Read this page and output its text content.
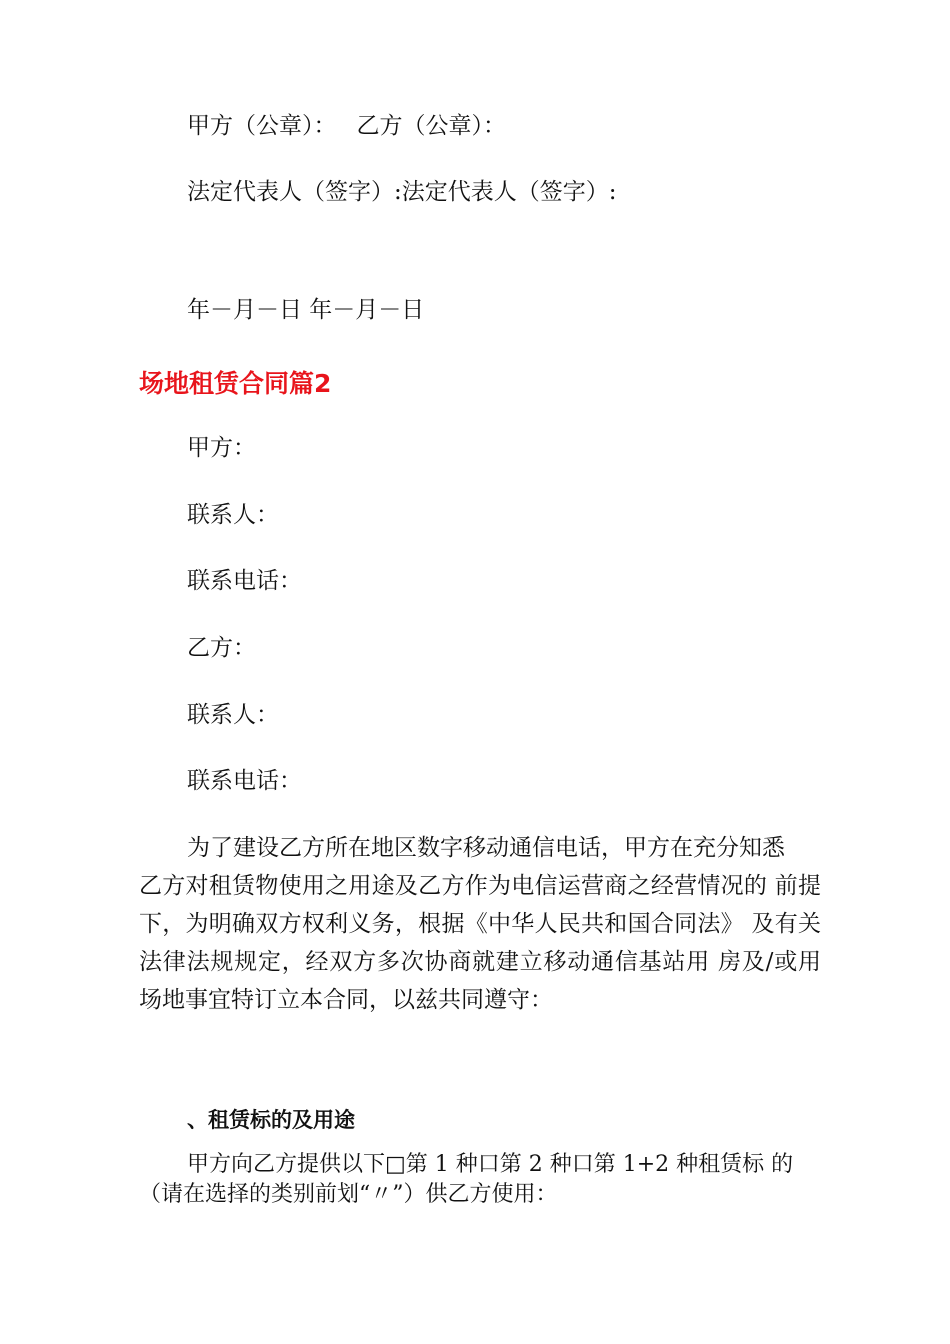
甲方（公章）： 乙方（公章）：
法定代表人（签字）:法定代表人（签字）:
年－月－日 年－月－日
场地租赁合同篇2
甲方：
联系人：
联系电话：
乙方：
联系人：
联系电话：
为了建设乙方所在地区数字移动通信电话，甲方在充分知悉
乙方对租赁物使用之用途及乙方作为电信运营商之经营情况的 前提下，为明确双方权利义务，根据《中华人民共和国合同法》 及有关法律法规规定，经双方多次协商就建立移动通信基站用 房及/或用场地事宜特订立本合同，以兹共同遵守：
、租赁标的及用途
甲方向乙方提供以下□第 1 种口第 2 种口第 1+2 种租赁标 的
（请在选择的类别前划“〃”）供乙方使用：
